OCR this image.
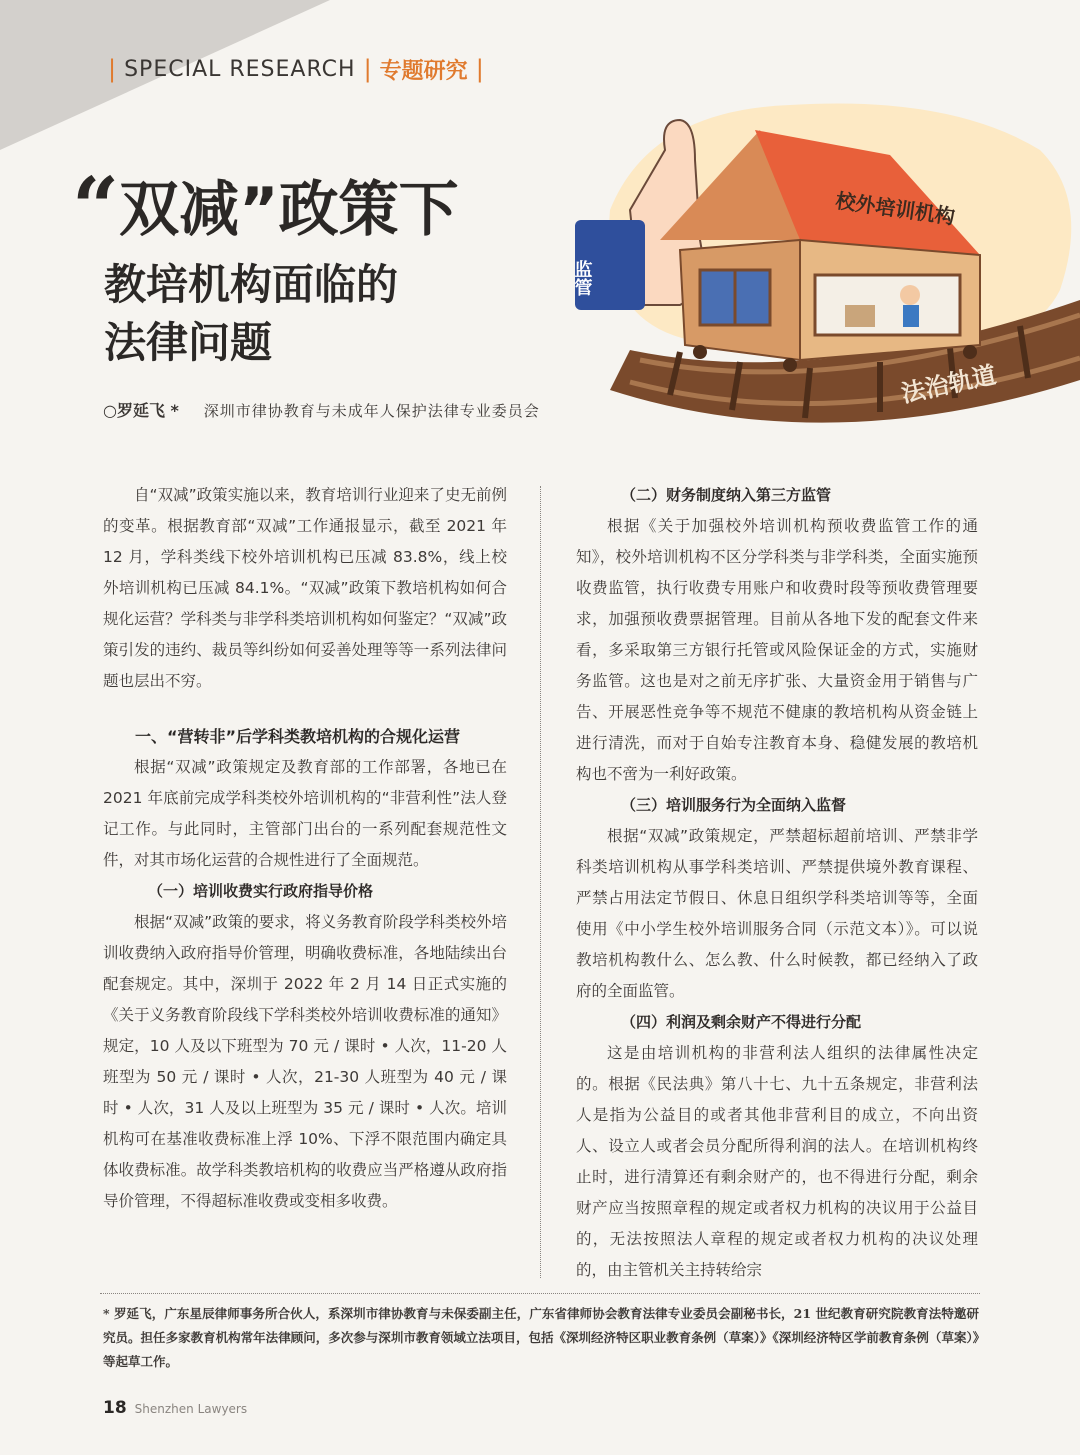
| SPECIAL RESEARCH | 专题研究 |
“双减”政策下
教培机构面临的
法律问题
○罗延飞 * 深圳市律协教育与未成年人保护法律专业委员会
法治轨道
监管
校外培训机构

自“双减”政策实施以来，教育培训行业迎来了史无前例的变革。根据教育部“双减”工作通报显示，截至 2021 年 12 月，学科类线下校外培训机构已压减 83.8%，线上校外培训机构已压减 84.1%。“双减”政策下教培机构如何合规化运营？学科类与非学科类培训机构如何鉴定？“双减”政策引发的违约、裁员等纠纷如何妥善处理等等一系列法律问题也层出不穷。

一、“营转非”后学科类教培机构的合规化运营

根据“双减”政策规定及教育部的工作部署，各地已在 2021 年底前完成学科类校外培训机构的“非营利性”法人登记工作。与此同时，主管部门出台的一系列配套规范性文件，对其市场化运营的合规性进行了全面规范。

（一）培训收费实行政府指导价格

根据“双减”政策的要求，将义务教育阶段学科类校外培训收费纳入政府指导价管理，明确收费标准，各地陆续出台配套规定。其中，深圳于 2022 年 2 月 14 日正式实施的《关于义务教育阶段线下学科类校外培训收费标准的通知》规定，10 人及以下班型为 70 元 / 课时 • 人次，11-20 人班型为 50 元 / 课时 • 人次，21-30 人班型为 40 元 / 课时 • 人次，31 人及以上班型为 35 元 / 课时 • 人次。培训机构可在基准收费标准上浮 10%、下浮不限范围内确定具体收费标准。故学科类教培机构的收费应当严格遵从政府指导价管理，不得超标准收费或变相多收费。

（二）财务制度纳入第三方监管

根据《关于加强校外培训机构预收费监管工作的通知》，校外培训机构不区分学科类与非学科类，全面实施预收费监管，执行收费专用账户和收费时段等预收费管理要求，加强预收费票据管理。目前从各地下发的配套文件来看，多采取第三方银行托管或风险保证金的方式，实施财务监管。这也是对之前无序扩张、大量资金用于销售与广告、开展恶性竞争等不规范不健康的教培机构从资金链上进行清洗，而对于自始专注教育本身、稳健发展的教培机构也不啻为一利好政策。

（三）培训服务行为全面纳入监督

根据“双减”政策规定，严禁超标超前培训、严禁非学科类培训机构从事学科类培训、严禁提供境外教育课程、严禁占用法定节假日、休息日组织学科类培训等等，全面使用《中小学生校外培训服务合同（示范文本）》。可以说教培机构教什么、怎么教、什么时候教，都已经纳入了政府的全面监管。

（四）利润及剩余财产不得进行分配

这是由培训机构的非营利法人组织的法律属性决定的。根据《民法典》第八十七、九十五条规定，非营利法人是指为公益目的或者其他非营利目的成立，不向出资人、设立人或者会员分配所得利润的法人。在培训机构终止时，进行清算还有剩余财产的，也不得进行分配，剩余财产应当按照章程的规定或者权力机构的决议用于公益目的，无法按照法人章程的规定或者权力机构的决议处理的，由主管机关主持转给宗

* 罗延飞，广东星辰律师事务所合伙人，系深圳市律协教育与未保委副主任，广东省律师协会教育法律专业委员会副秘书长，21 世纪教育研究院教育法特邀研究员。担任多家教育机构常年法律顾问，多次参与深圳市教育领域立法项目，包括《深圳经济特区职业教育条例（草案）》《深圳经济特区学前教育条例（草案）》等起草工作。
18 Shenzhen Lawyers
